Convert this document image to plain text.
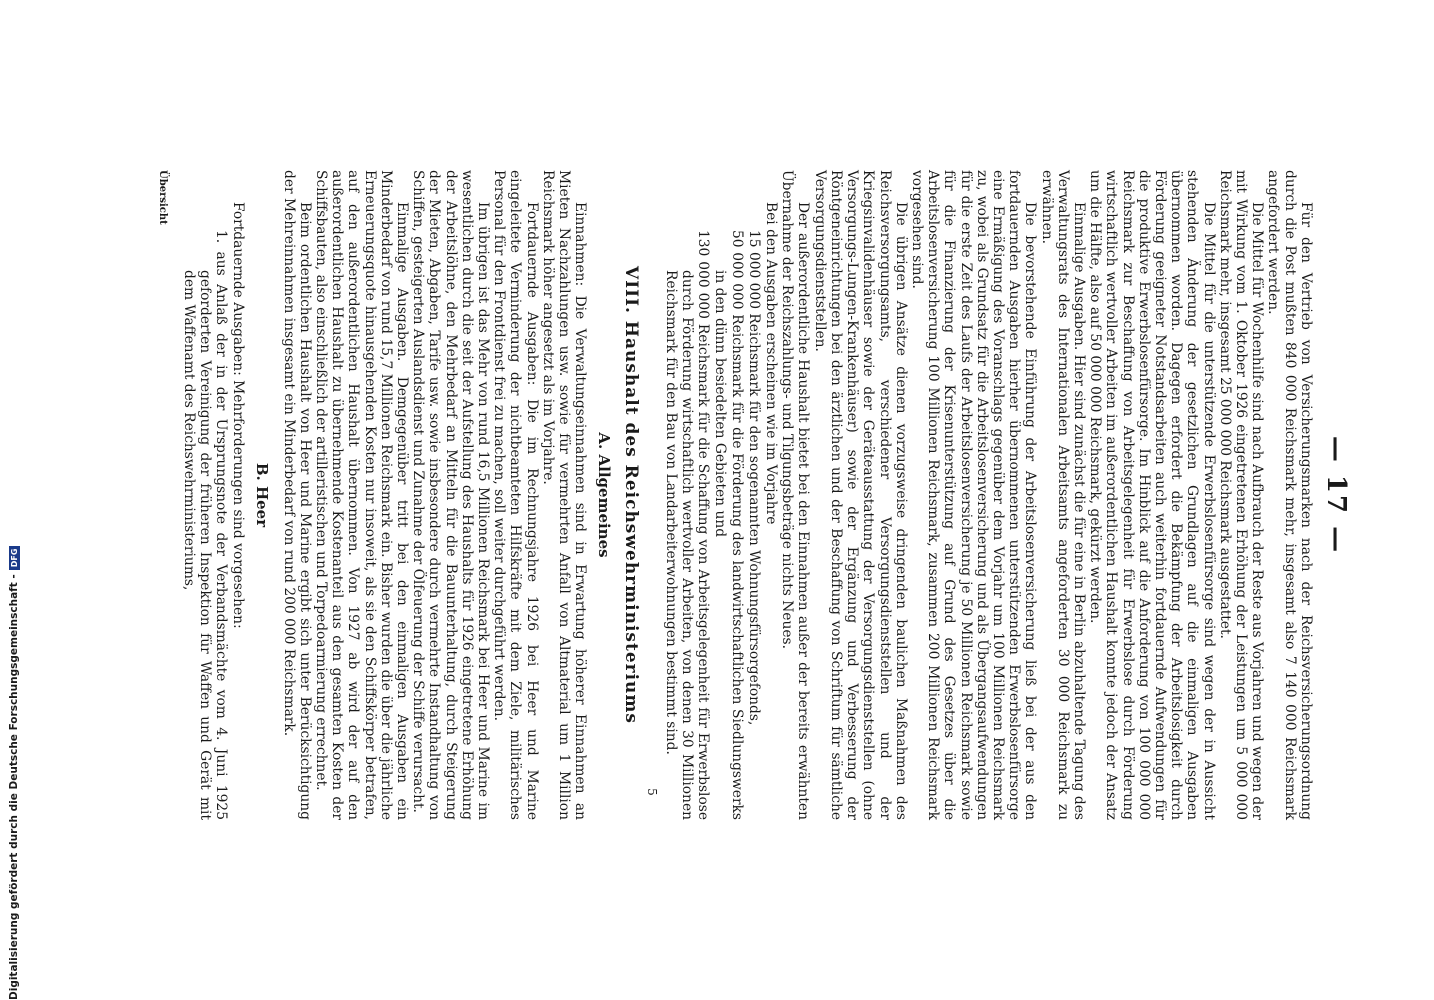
— 17 —

Für den Vertrieb von Versicherungsmarken nach der Reichsversicherungsordnung durch die Post mußten 840 000 Reichsmark mehr, insgesamt also 7 140 000 Reichsmark angefordert werden.

Die Mittel für Wochenhilfe sind nach Aufbrauch der Reste aus Vorjahren und wegen der mit Wirkung vom 1. Oktober 1926 eingetretenen Erhöhung der Leistungen um 5 000 000 Reichsmark mehr, insgesamt 25 000 000 Reichsmark ausgestattet.

Die Mittel für die unterstützende Erwerbslosenfürsorge sind wegen der in Aussicht stehenden Änderung der gesetzlichen Grundlagen auf die einmaligen Ausgaben übernommen worden. Dagegen erfordert die Bekämpfung der Arbeitslosigkeit durch Förderung geeigneter Notstandsarbeiten auch weiterhin fortdauernde Aufwendungen für die produktive Erwerbslosenfürsorge. Im Hinblick auf die Anforderung von 100 000 000 Reichsmark zur Beschaffung von Arbeitsgelegenheit für Erwerbslose durch Förderung wirtschaftlich wertvoller Arbeiten im außerordentlichen Haushalt konnte jedoch der Ansatz um die Hälfte, also auf 50 000 000 Reichsmark, gekürzt werden.

Einmalige Ausgaben. Hier sind zunächst die für eine in Berlin abzuhaltende Tagung des Verwaltungsrats des Internationalen Arbeitsamts angeforderten 30 000 Reichsmark zu erwähnen.

Die bevorstehende Einführung der Arbeitslosenversicherung ließ bei der aus den fortdauernden Ausgaben hierher übernommenen unterstützenden Erwerbslosenfürsorge eine Ermäßigung des Voranschlags gegenüber dem Vorjahr um 100 Millionen Reichsmark zu, wobei als Grundsatz für die Arbeitslosenversicherung und als Übergangsaufwendungen für die erste Zeit des Laufs der Arbeitslosenversicherung je 50 Millionen Reichsmark sowie für die Finanzierung der Krisenunterstützung auf Grund des Gesetzes über die Arbeitslosenversicherung 100 Millionen Reichsmark, zusammen 200 Millionen Reichsmark vorgesehen sind.

Die übrigen Ansätze dienen vorzugsweise dringenden baulichen Maßnahmen des Reichsversorgungsamts, verschiedener Versorgungsdienststellen und der Kriegsinvalidenhäuser sowie der Geräteausstattung der Versorgungsdienststellen (ohne Versorgungs-Lungen-Krankenhäuser) sowie der Ergänzung und Verbesserung der Röntgeneinrichtungen bei den ärztlichen und der Beschaffung von Schriftum für sämtliche Versorgungsdienststellen.

Der außerordentliche Haushalt bietet bei den Einnahmen außer der bereits erwähnten Übernahme der Reichszahlungs- und Tilgungsbeträge nichts Neues.

Bei den Ausgaben erscheinen wie im Vorjahre

15 000 000 Reichsmark für den sogenannten Wohnungsfürsorgefonds,

50 000 000 Reichsmark für die Förderung des landwirtschaftlichen Siedlungswerks in den dünn besiedelten Gebieten und

130 000 000 Reichsmark für die Schaffung von Arbeitsgelegenheit für Erwerbslose durch Förderung wirtschaftlich wertvoller Arbeiten, von denen 30 Millionen Reichsmark für den Bau von Landarbeiterwohnungen bestimmt sind.

VIII. Haushalt des Reichswehrministeriums
A. Allgemeines

Einnahmen: Die Verwaltungseinnahmen sind in Erwartung höherer Einnahmen an Mieten Nachzahlungen usw. sowie für vermehrten Anfall von Altmaterial um 1 Million Reichsmark höher angesetzt als im Vorjahre.

Fortdauernde Ausgaben: Die im Rechnungsjahre 1926 bei Heer und Marine eingeleitete Verminderung der nichtbeamteten Hilfskräfte mit dem Ziele, militärisches Personal für den Frontdienst frei zu machen, soll weiter durchgeführt werden.

Im übrigen ist das Mehr von rund 16,5 Millionen Reichsmark bei Heer und Marine im wesentlichen durch die seit der Aufstellung des Haushalts für 1926 eingetretene Erhöhung der Arbeitslöhne, den Mehrbedarf an Mitteln für die Bauunterhaltung, durch Steigerung der Mieten, Abgaben, Tarife usw. sowie insbesondere durch vermehrte Instandhaltung von Schiffen, gesteigerten Auslandsdienst und Zunahme der Ölfeuerung der Schiffe verursacht.

Einmalige Ausgaben. Demgegenüber tritt bei den einmaligen Ausgaben ein Minderbedarf von rund 15,7 Millionen Reichsmark ein. Bisher wurden die über die jährliche Erneuerungsquote hinausgehenden Kosten nur insoweit, als sie den Schiffskörper betrafen, auf den außerordentlichen Haushalt übernommen. Von 1927 ab wird der auf den außerordentlichen Haushalt zu übernehmende Kostenanteil aus den gesamten Kosten der Schiffsbauten, also einschließlich der artilleristischen und Torpedoarmierung errechnet.

Beim ordentlichen Haushalt von Heer und Marine ergibt sich unter Berücksichtigung der Mehreinnahmen insgesamt ein Minderbedarf von rund 200 000 Reichsmark.

B. Heer

Fortdauernde Ausgaben: Mehrforderungen sind vorgesehen:

1. aus Anlaß der in der Ursprungsnote der Verbandsmächte vom 4. Juni 1925 geforderten Vereinigung der früheren Inspektion für Waffen und Gerät mit dem Waffenamt des Reichswehrministeriums,

Übersicht
5
Digitalisierung gefördert durch die Deutsche Forschungsgemeinschaft -
DFG
